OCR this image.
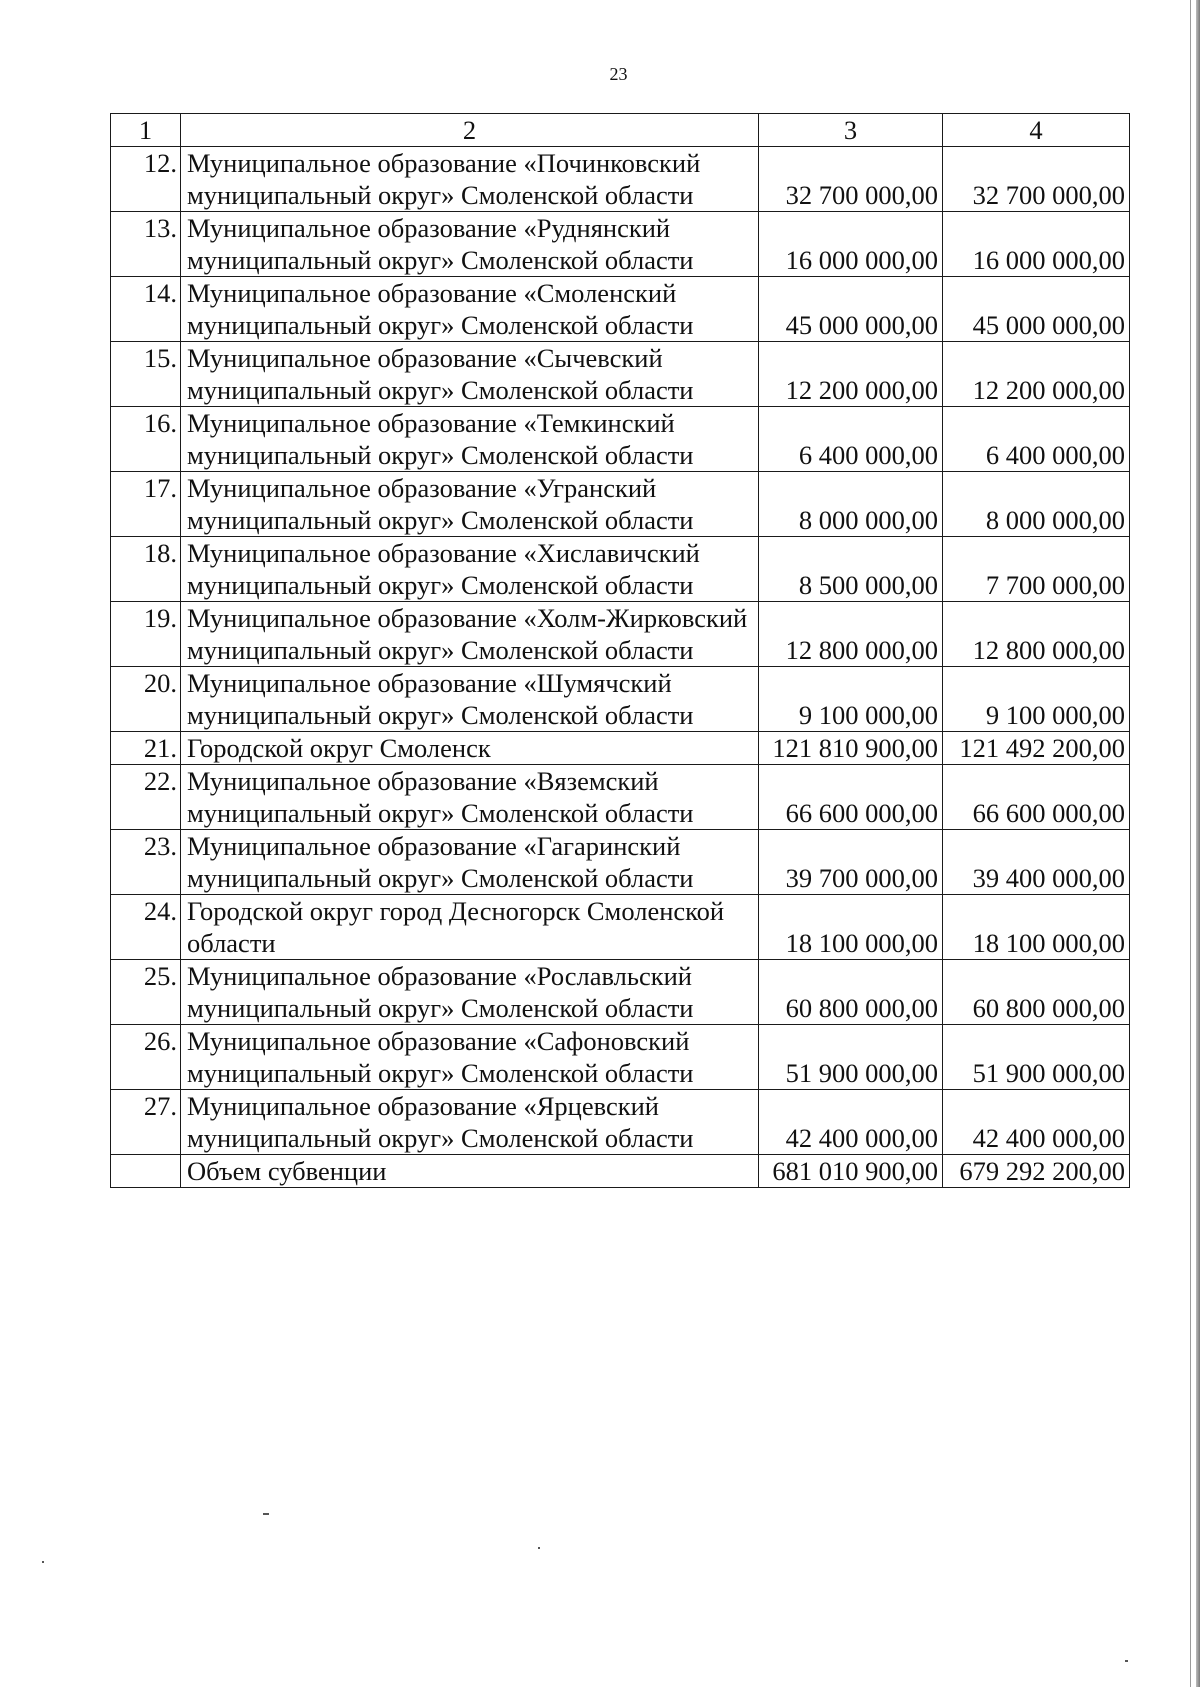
23
1	2	3	4
12.	Муниципальное образование «Починковский муниципальный округ» Смоленской области	32 700 000,00	32 700 000,00
13.	Муниципальное образование «Руднянский муниципальный округ» Смоленской области	16 000 000,00	16 000 000,00
14.	Муниципальное образование «Смоленский муниципальный округ» Смоленской области	45 000 000,00	45 000 000,00
15.	Муниципальное образование «Сычевский муниципальный округ» Смоленской области	12 200 000,00	12 200 000,00
16.	Муниципальное образование «Темкинский муниципальный округ» Смоленской области	6 400 000,00	6 400 000,00
17.	Муниципальное образование «Угранский муниципальный округ» Смоленской области	8 000 000,00	8 000 000,00
18.	Муниципальное образование «Хиславичский муниципальный округ» Смоленской области	8 500 000,00	7 700 000,00
19.	Муниципальное образование «Холм-Жирковский муниципальный округ» Смоленской области	12 800 000,00	12 800 000,00
20.	Муниципальное образование «Шумячский муниципальный округ» Смоленской области	9 100 000,00	9 100 000,00
21.	Городской округ Смоленск	121 810 900,00	121 492 200,00
22.	Муниципальное образование «Вяземский муниципальный округ» Смоленской области	66 600 000,00	66 600 000,00
23.	Муниципальное образование «Гагаринский муниципальный округ» Смоленской области	39 700 000,00	39 400 000,00
24.	Городской округ город Десногорск Смоленской области	18 100 000,00	18 100 000,00
25.	Муниципальное образование «Рославльский муниципальный округ» Смоленской области	60 800 000,00	60 800 000,00
26.	Муниципальное образование «Сафоновский муниципальный округ» Смоленской области	51 900 000,00	51 900 000,00
27.	Муниципальное образование «Ярцевский муниципальный округ» Смоленской области	42 400 000,00	42 400 000,00
	Объем субвенции	681 010 900,00	679 292 200,00
